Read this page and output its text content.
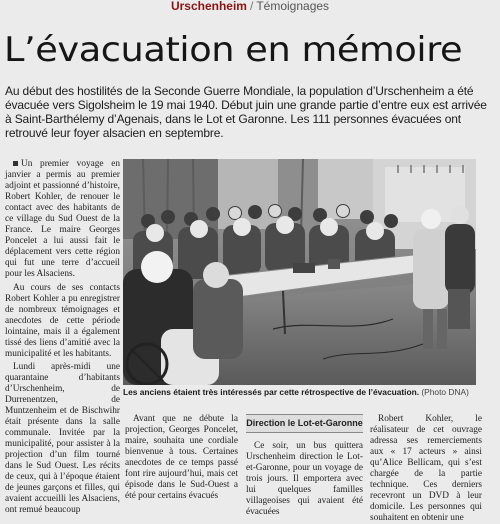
Urschenheim / Témoignages
L’évacuation en mémoire
Au début des hostilités de la Seconde Guerre Mondiale, la population d’Urschenheim a été évacuée vers Sigolsheim le 19 mai 1940. Début juin une grande partie d’entre eux est arrivée à Saint-Barthélemy d’Agenais, dans le Lot et Garonne. Les 111 personnes évacuées ont retrouvé leur foyer alsacien en septembre.

Un premier voyage en janvier a permis au premier adjoint et passionné d’histoire, Robert Kohler, de renouer le contact avec des habitants de ce village du Sud Ouest de la France. Le maire Georges Poncelet a lui aussi fait le déplacement vers cette région qui fut une terre d’accueil pour les Alsaciens.

Au cours de ses contacts Robert Kohler a pu enregistrer de nombreux témoignages et anecdotes de cette période lointaine, mais il a également tissé des liens d’amitié avec la municipalité et les habitants.

Lundi après-midi une quarantaine d’habitants d’Urschenheim, de Durrenentzen, de Muntzenheim et de Bischwihr était présente dans la salle communale. Invitée par la municipalité, pour assister à la projection d’un film tourné dans le Sud Ouest. Les récits de ceux, qui à l’époque étaient de jeunes garçons et filles, qui avaient accueilli les Alsaciens, ont remué beaucoup

Les anciens étaient très intéressés par cette rétrospective de l’évacuation. (Photo DNA)

Avant que ne débute la projection, Georges Poncelet, maire, souhaita une cordiale bienvenue à tous. Certaines anecdotes de ce temps passé font rire aujourd’hui, mais cet épisode dans le Sud-Ouest a été pour certains évacués

Direction le Lot-et-Garonne

Ce soir, un bus quittera Urschenheim direction le Lot-et-Garonne, pour un voyage de trois jours. Il emportera avec lui quelques familles villageoises qui avaient été évacuées

Robert Kohler, le réalisateur de cet ouvrage adressa ses remerciements aux « 17 acteurs » ainsi qu’Alice Bellicam, qui s’est chargée de la partie technique. Ces derniers recevront un DVD à leur domicile. Les personnes qui souhaitent en obtenir une
